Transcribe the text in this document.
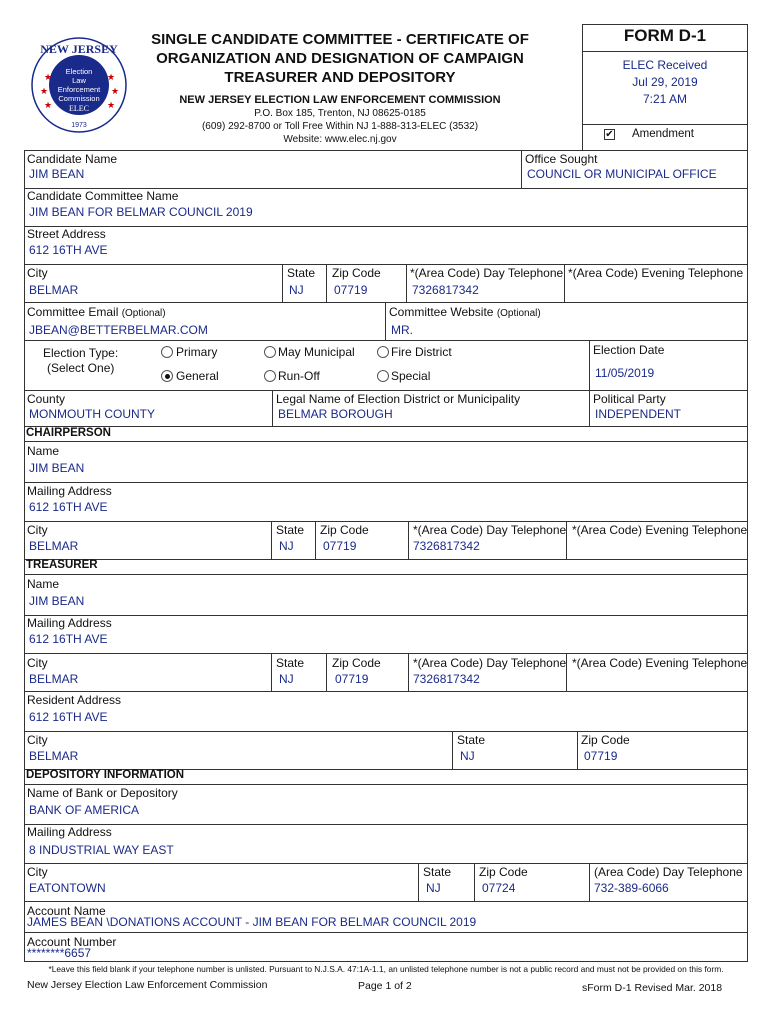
NEW JERSEY
Election
Law
Enforcement
Commission
ELEC
1973
★
★
★
★
★
★
SINGLE CANDIDATE COMMITTEE - CERTIFICATE OF
ORGANIZATION AND DESIGNATION OF CAMPAIGN
TREASURER AND DEPOSITORY
NEW JERSEY ELECTION LAW ENFORCEMENT COMMISSION
P.O. Box 185, Trenton, NJ 08625-0185
(609) 292-8700 or Toll Free Within NJ 1-888-313-ELEC (3532)
Website: www.elec.nj.gov
FORM D-1
ELEC Received
Jul 29, 2019
7:21 AM
✔ Amendment
Candidate Name
JIM BEAN
Office Sought
COUNCIL OR MUNICIPAL OFFICE
Candidate Committee Name
JIM BEAN FOR BELMAR COUNCIL 2019
Street Address
612 16TH AVE
City
BELMAR
State
NJ
Zip Code
07719
*(Area Code) Day Telephone
7326817342
*(Area Code) Evening Telephone
Committee Email (Optional)
JBEAN@BETTERBELMAR.COM
Committee Website (Optional)
MR.
Election Type:
(Select One)
Primary	May Municipal	Fire District
General	Run-Off	Special
Election Date
11/05/2019
County
MONMOUTH COUNTY
Legal Name of Election District or Municipality
BELMAR BOROUGH
Political Party
INDEPENDENT
CHAIRPERSON
Name
JIM BEAN
Mailing Address
612 16TH AVE
City
BELMAR
State
NJ
Zip Code
07719
*(Area Code) Day Telephone
7326817342
*(Area Code) Evening Telephone
TREASURER
Name
JIM BEAN
Mailing Address
612 16TH AVE
City
BELMAR
State
NJ
Zip Code
07719
*(Area Code) Day Telephone
7326817342
*(Area Code) Evening Telephone
Resident Address
612 16TH AVE
City
BELMAR
State
NJ
Zip Code
07719
DEPOSITORY INFORMATION
Name of Bank or Depository
BANK OF AMERICA
Mailing Address
8 INDUSTRIAL WAY EAST
City
EATONTOWN
State
NJ
Zip Code
07724
(Area Code) Day Telephone
732-389-6066
Account Name
JAMES BEAN \DONATIONS ACCOUNT - JIM BEAN FOR BELMAR COUNCIL 2019
Account Number
********6657
*Leave this field blank if your telephone number is unlisted. Pursuant to N.J.S.A. 47:1A-1.1, an unlisted telephone number is not a public record and must not be provided on this form.
New Jersey Election Law Enforcement Commission	Page 1 of 2	sForm D-1 Revised Mar. 2018
